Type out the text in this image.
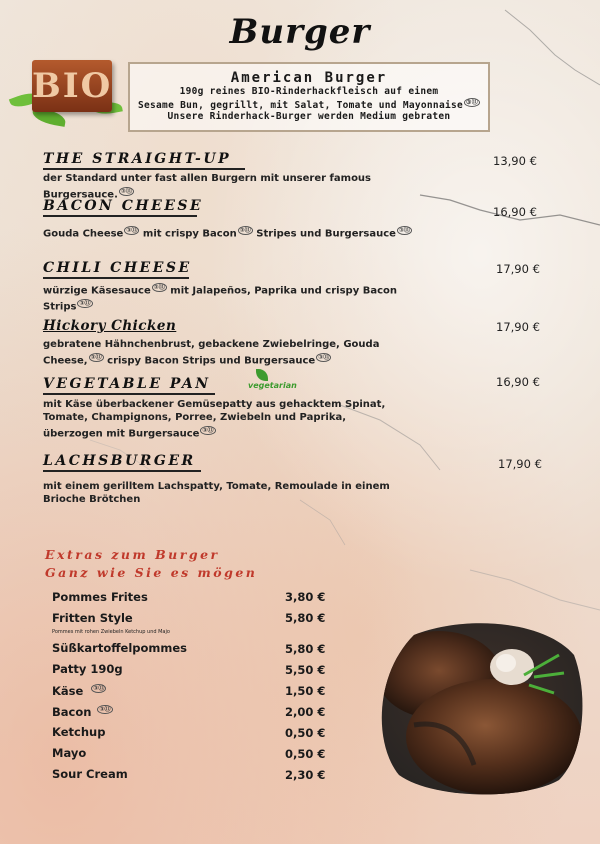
Burger
BIO	American Burger
190g reines BIO-Rinderhackfleisch auf einem
Sesame Bun, gegrillt, mit Salat, Tomate und Mayonnaise ③⑪
Unsere Rinderhack-Burger werden Medium gebraten
THE STRAIGHT-UP	13,90 €
der Standard unter fast allen Burgern mit unserer famous Burgersauce. ③⑪
BACON CHEESE	16,90 €
Gouda Cheese ③⑪ mit crispy Bacon ③⑪ Stripes und Burgersauce ③⑪
CHILI CHEESE	17,90 €
würzige Käsesauce ③⑪ mit Jalapeños, Paprika und crispy Bacon
Strips ③⑪
Hickory Chicken	17,90 €
gebratene Hähnchenbrust, gebackene Zwiebelringe, Gouda
Cheese, ③⑪ crispy Bacon Strips und Burgersauce ③⑪
VEGETABLE PAN	vegetarian	16,90 €
mit Käse überbackener Gemüsepatty aus gehacktem Spinat,
Tomate, Champignons, Porree, Zwiebeln und Paprika,
überzogen mit Burgersauce ③⑪
LACHSBURGER	17,90 €
mit einem gerilltem Lachspatty, Tomate, Remoulade in einem
Brioche Brötchen
Extras zum Burger
Ganz wie Sie es mögen
Pommes Frites	3,80 €
Fritten Style	5,80 €
Pommes mit rohen Zwiebeln Ketchup und Majo
Süßkartoffelpommes	5,80 €
Patty 190g	5,50 €
Käse ③⑪	1,50 €
Bacon ③⑪	2,00 €
Ketchup	0,50 €
Mayo	0,50 €
Sour Cream	2,30 €
